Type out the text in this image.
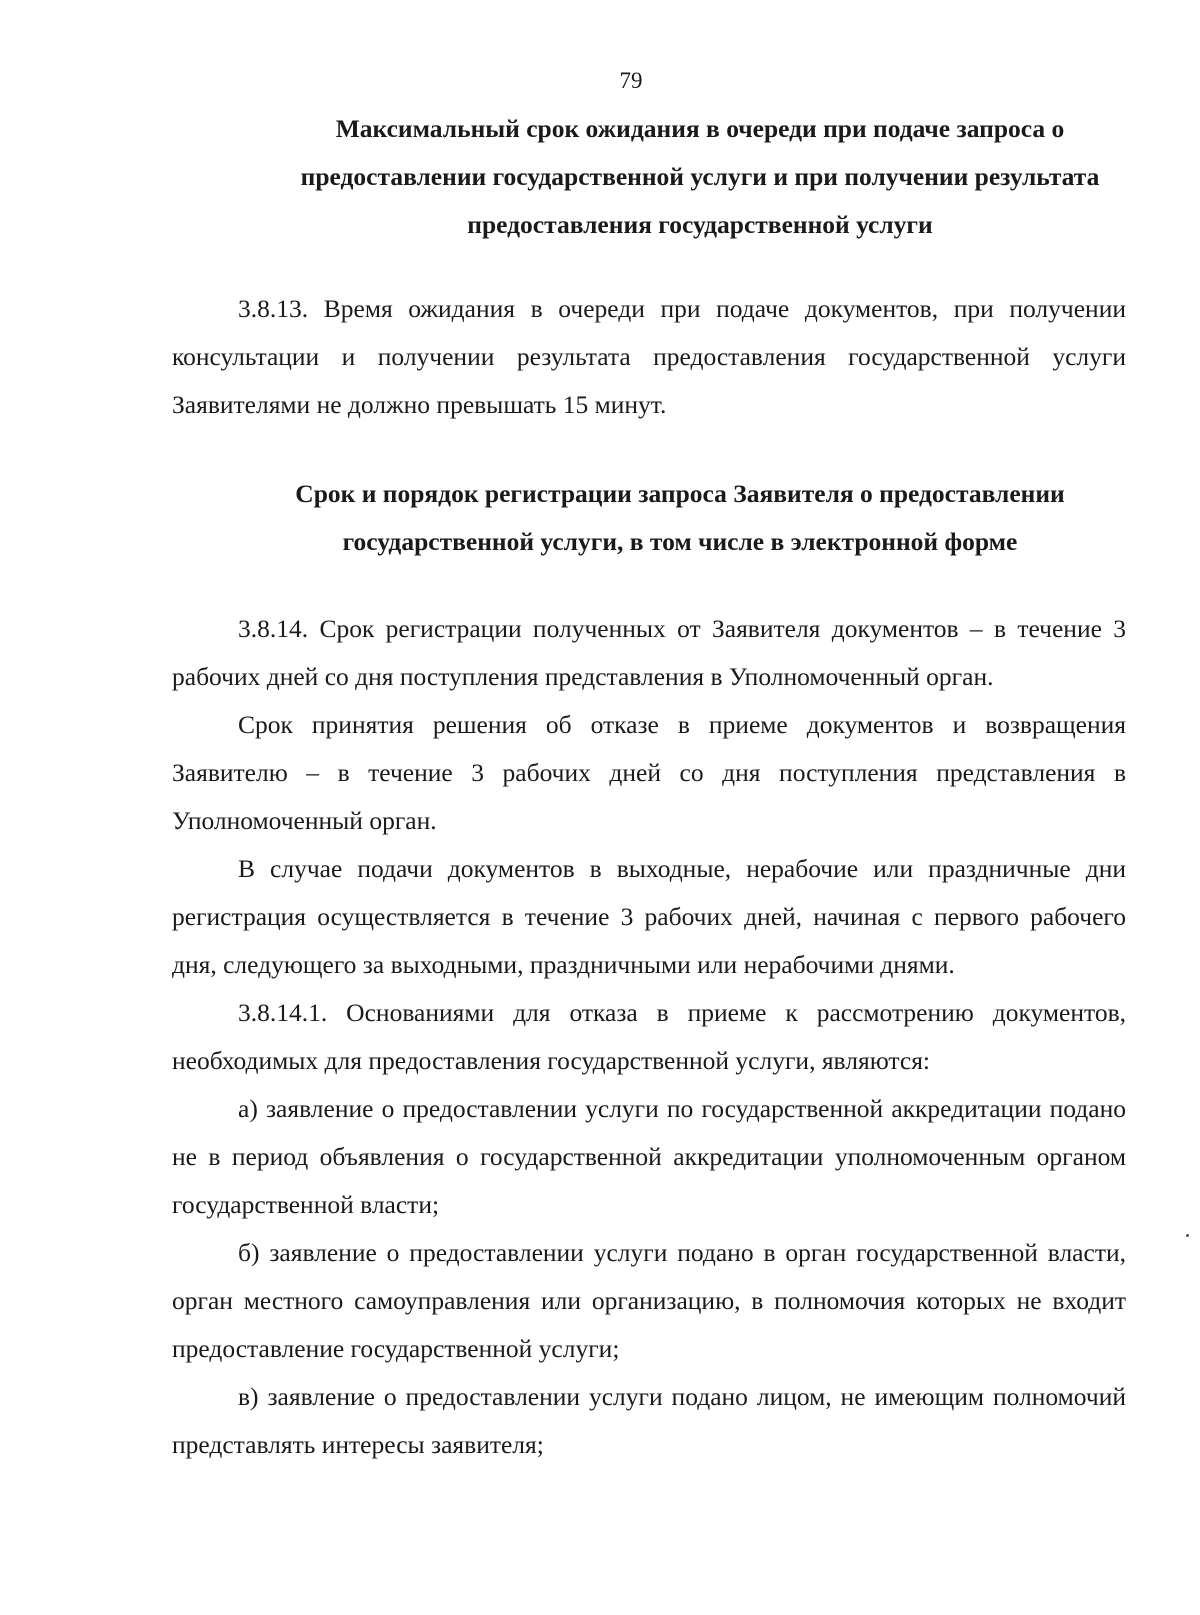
79
Максимальный срок ожидания в очереди при подаче запроса о
предоставлении государственной услуги и при получении результата
предоставления государственной услуги

3.8.13. Время ожидания в очереди при подаче документов, при получении консультации и получении результата предоставления государственной услуги Заявителями не должно превышать 15 минут.

Срок и порядок регистрации запроса Заявителя о предоставлении
государственной услуги, в том числе в электронной форме

3.8.14. Срок регистрации полученных от Заявителя документов – в течение 3 рабочих дней со дня поступления представления в Уполномоченный орган.

Срок принятия решения об отказе в приеме документов и возвращения Заявителю – в течение 3 рабочих дней со дня поступления представления в Уполномоченный орган.

В случае подачи документов в выходные, нерабочие или праздничные дни регистрация осуществляется в течение 3 рабочих дней, начиная с первого рабочего дня, следующего за выходными, праздничными или нерабочими днями.

3.8.14.1. Основаниями для отказа в приеме к рассмотрению документов, необходимых для предоставления государственной услуги, являются:

а) заявление о предоставлении услуги по государственной аккредитации подано не в период объявления о государственной аккредитации уполномоченным органом государственной власти;

б) заявление о предоставлении услуги подано в орган государственной власти, орган местного самоуправления или организацию, в полномочия которых не входит предоставление государственной услуги;

в) заявление о предоставлении услуги подано лицом, не имеющим полномочий представлять интересы заявителя;
